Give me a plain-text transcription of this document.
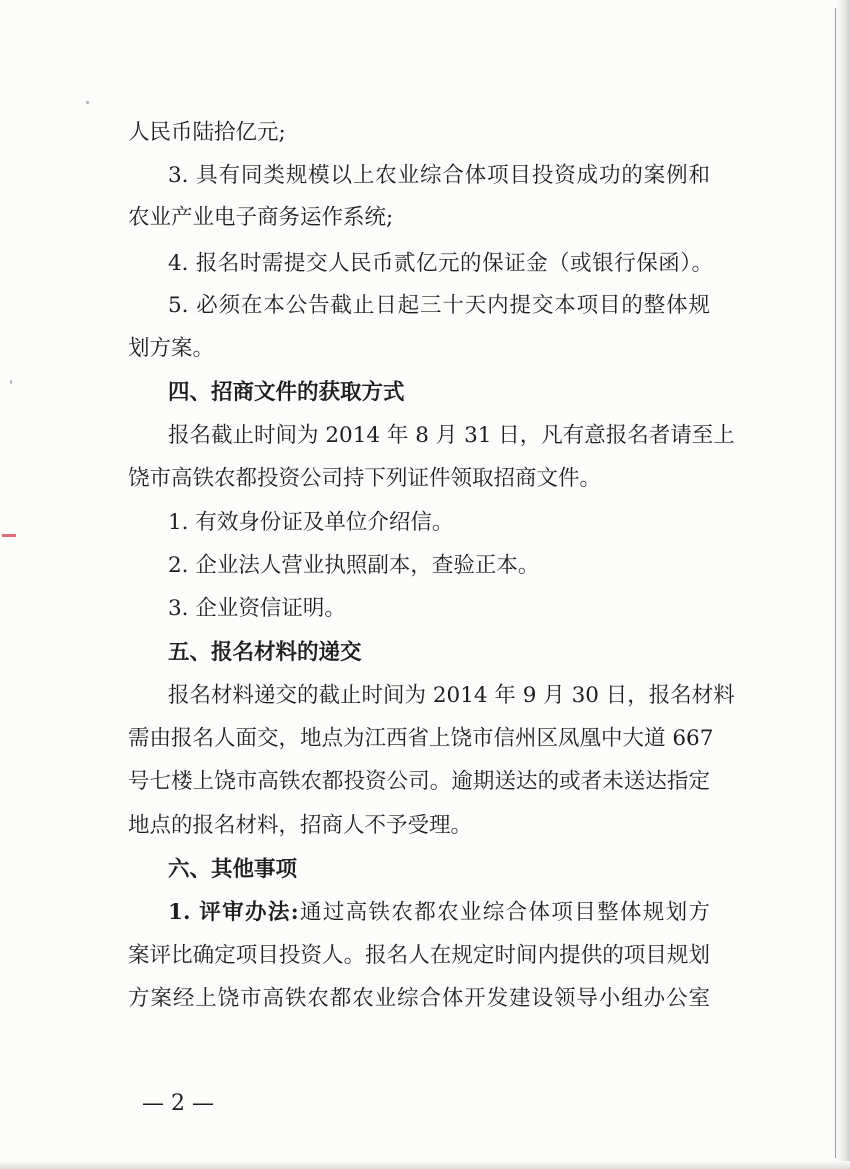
人民币陆拾亿元;
3. 具有同类规模以上农业综合体项目投资成功的案例和
农业产业电子商务运作系统;
4. 报名时需提交人民币贰亿元的保证金（或银行保函）。
5. 必须在本公告截止日起三十天内提交本项目的整体规
划方案。
四、招商文件的获取方式
报名截止时间为 2014 年 8 月 31 日，凡有意报名者请至上
饶市高铁农都投资公司持下列证件领取招商文件。
1. 有效身份证及单位介绍信。
2. 企业法人营业执照副本，查验正本。
3. 企业资信证明。
五、报名材料的递交
报名材料递交的截止时间为 2014 年 9 月 30 日，报名材料
需由报名人面交，地点为江西省上饶市信州区凤凰中大道 667
号七楼上饶市高铁农都投资公司。逾期送达的或者未送达指定
地点的报名材料，招商人不予受理。
六、其他事项
1. 评审办法:通过高铁农都农业综合体项目整体规划方
案评比确定项目投资人。报名人在规定时间内提供的项目规划
方案经上饶市高铁农都农业综合体开发建设领导小组办公室
— 2 —
